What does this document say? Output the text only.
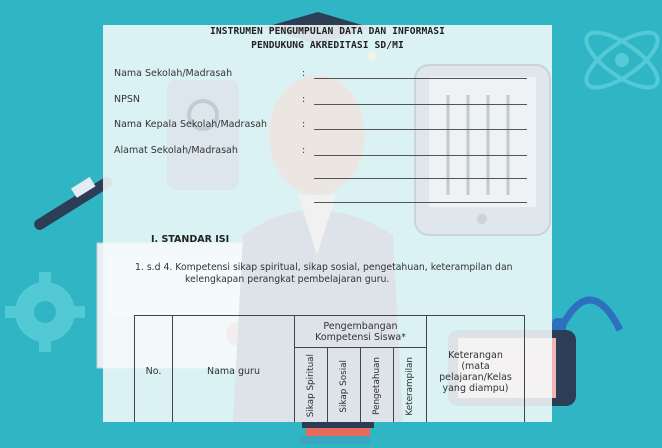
INSTRUMEN PENGUMPULAN DATA DAN INFORMASI
PENDUKUNG AKREDITASI SD/MI
Nama Sekolah/Madrasah	:
NPSN	:
Nama Kepala Sekolah/Madrasah	:
Alamat Sekolah/Madrasah	:
I. STANDAR ISI
1. s.d 4. Kompetensi sikap spiritual, sikap sosial, pengetahuan, keterampilan dan
kelengkapan perangkat pembelajaran guru.
No.	Nama guru	Pengembangan Kompetensi Siswa*				Keterangan (mata pelajaran/Kelas yang diampu)
		Sikap Spiritual	Sikap Sosial	Pengetahuan	Keterampilan	
